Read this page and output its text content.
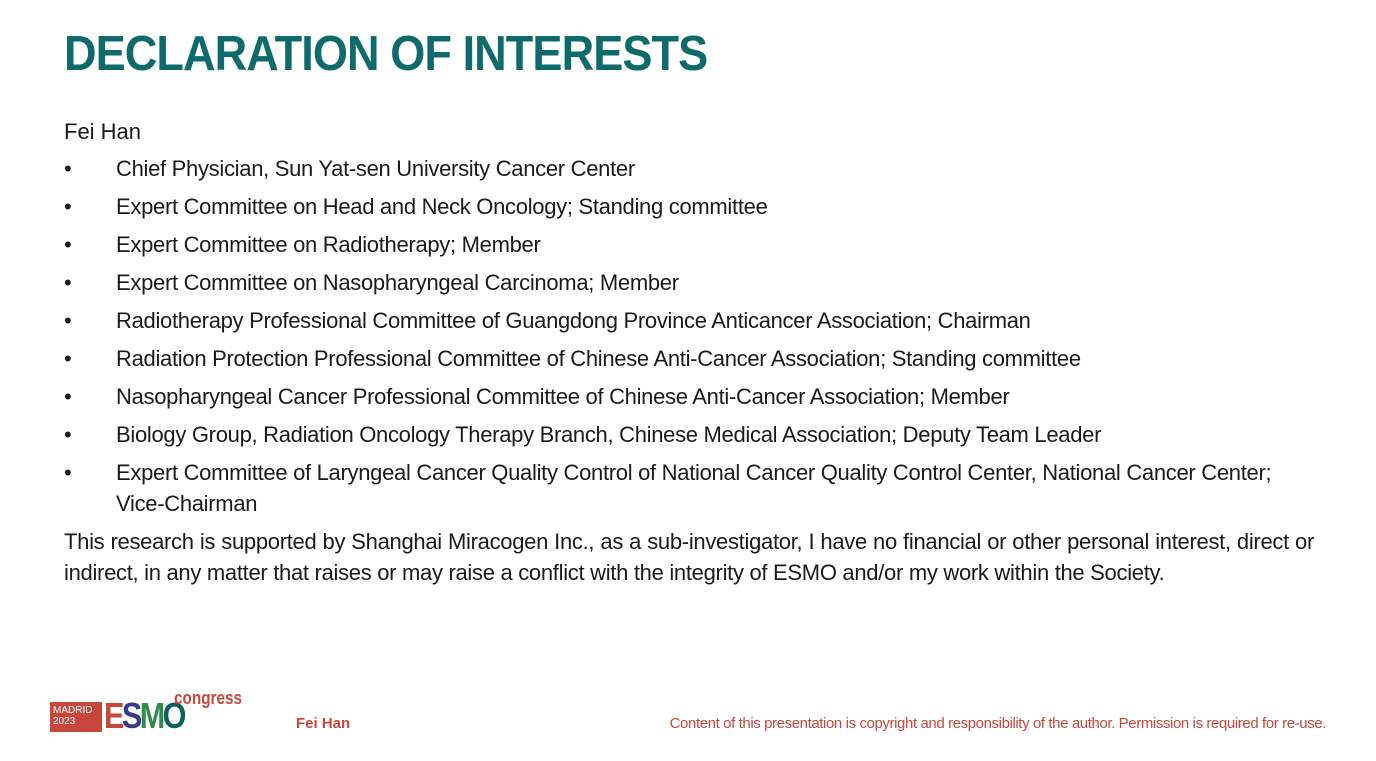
DECLARATION OF INTERESTS

Fei Han

• Chief Physician, Sun Yat-sen University Cancer Center
• Expert Committee on Head and Neck Oncology; Standing committee
• Expert Committee on Radiotherapy; Member
• Expert Committee on Nasopharyngeal Carcinoma; Member
• Radiotherapy Professional Committee of Guangdong Province Anticancer Association; Chairman
• Radiation Protection Professional Committee of Chinese Anti-Cancer Association; Standing committee
• Nasopharyngeal Cancer Professional Committee of Chinese Anti-Cancer Association; Member
• Biology Group, Radiation Oncology Therapy Branch, Chinese Medical Association; Deputy Team Leader
• Expert Committee of Laryngeal Cancer Quality Control of National Cancer Quality Control Center, National Cancer Center; Vice-Chairman

This research is supported by Shanghai Miracogen Inc., as a sub-investigator, I have no financial or other personal interest, direct or indirect, in any matter that raises or may raise a conflict with the integrity of ESMO and/or my work within the Society.

MADRID
2023 ESMO
congress
Fei Han	Content of this presentation is copyright and responsibility of the author. Permission is required for re-use.
